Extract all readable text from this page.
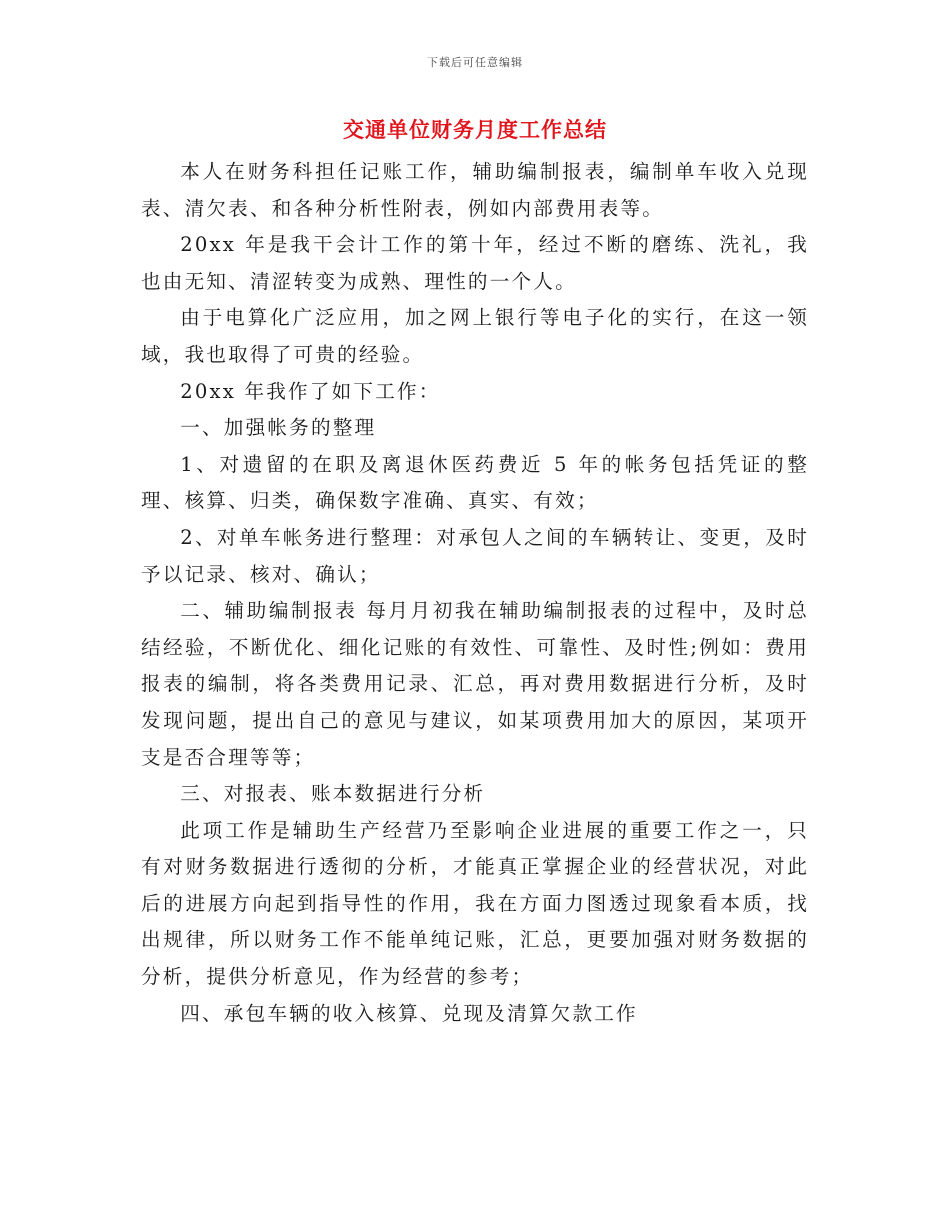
下载后可任意编辑
交通单位财务月度工作总结

本人在财务科担任记账工作，辅助编制报表，编制单车收入兑现表、清欠表、和各种分析性附表，例如内部费用表等。

20xx 年是我干会计工作的第十年，经过不断的磨练、洗礼，我也由无知、清涩转变为成熟、理性的一个人。

由于电算化广泛应用，加之网上银行等电子化的实行，在这一领域，我也取得了可贵的经验。

20xx 年我作了如下工作：

一、加强帐务的整理

1、对遗留的在职及离退休医药费近 5 年的帐务包括凭证的整理、核算、归类，确保数字准确、真实、有效；

2、对单车帐务进行整理：对承包人之间的车辆转让、变更，及时予以记录、核对、确认；

二、辅助编制报表 每月月初我在辅助编制报表的过程中，及时总结经验，不断优化、细化记账的有效性、可靠性、及时性;例如：费用报表的编制，将各类费用记录、汇总，再对费用数据进行分析，及时发现问题，提出自己的意见与建议，如某项费用加大的原因，某项开支是否合理等等；

三、对报表、账本数据进行分析

此项工作是辅助生产经营乃至影响企业进展的重要工作之一，只有对财务数据进行透彻的分析，才能真正掌握企业的经营状况，对此后的进展方向起到指导性的作用，我在方面力图透过现象看本质，找出规律，所以财务工作不能单纯记账，汇总，更要加强对财务数据的分析，提供分析意见，作为经营的参考；

四、承包车辆的收入核算、兑现及清算欠款工作
